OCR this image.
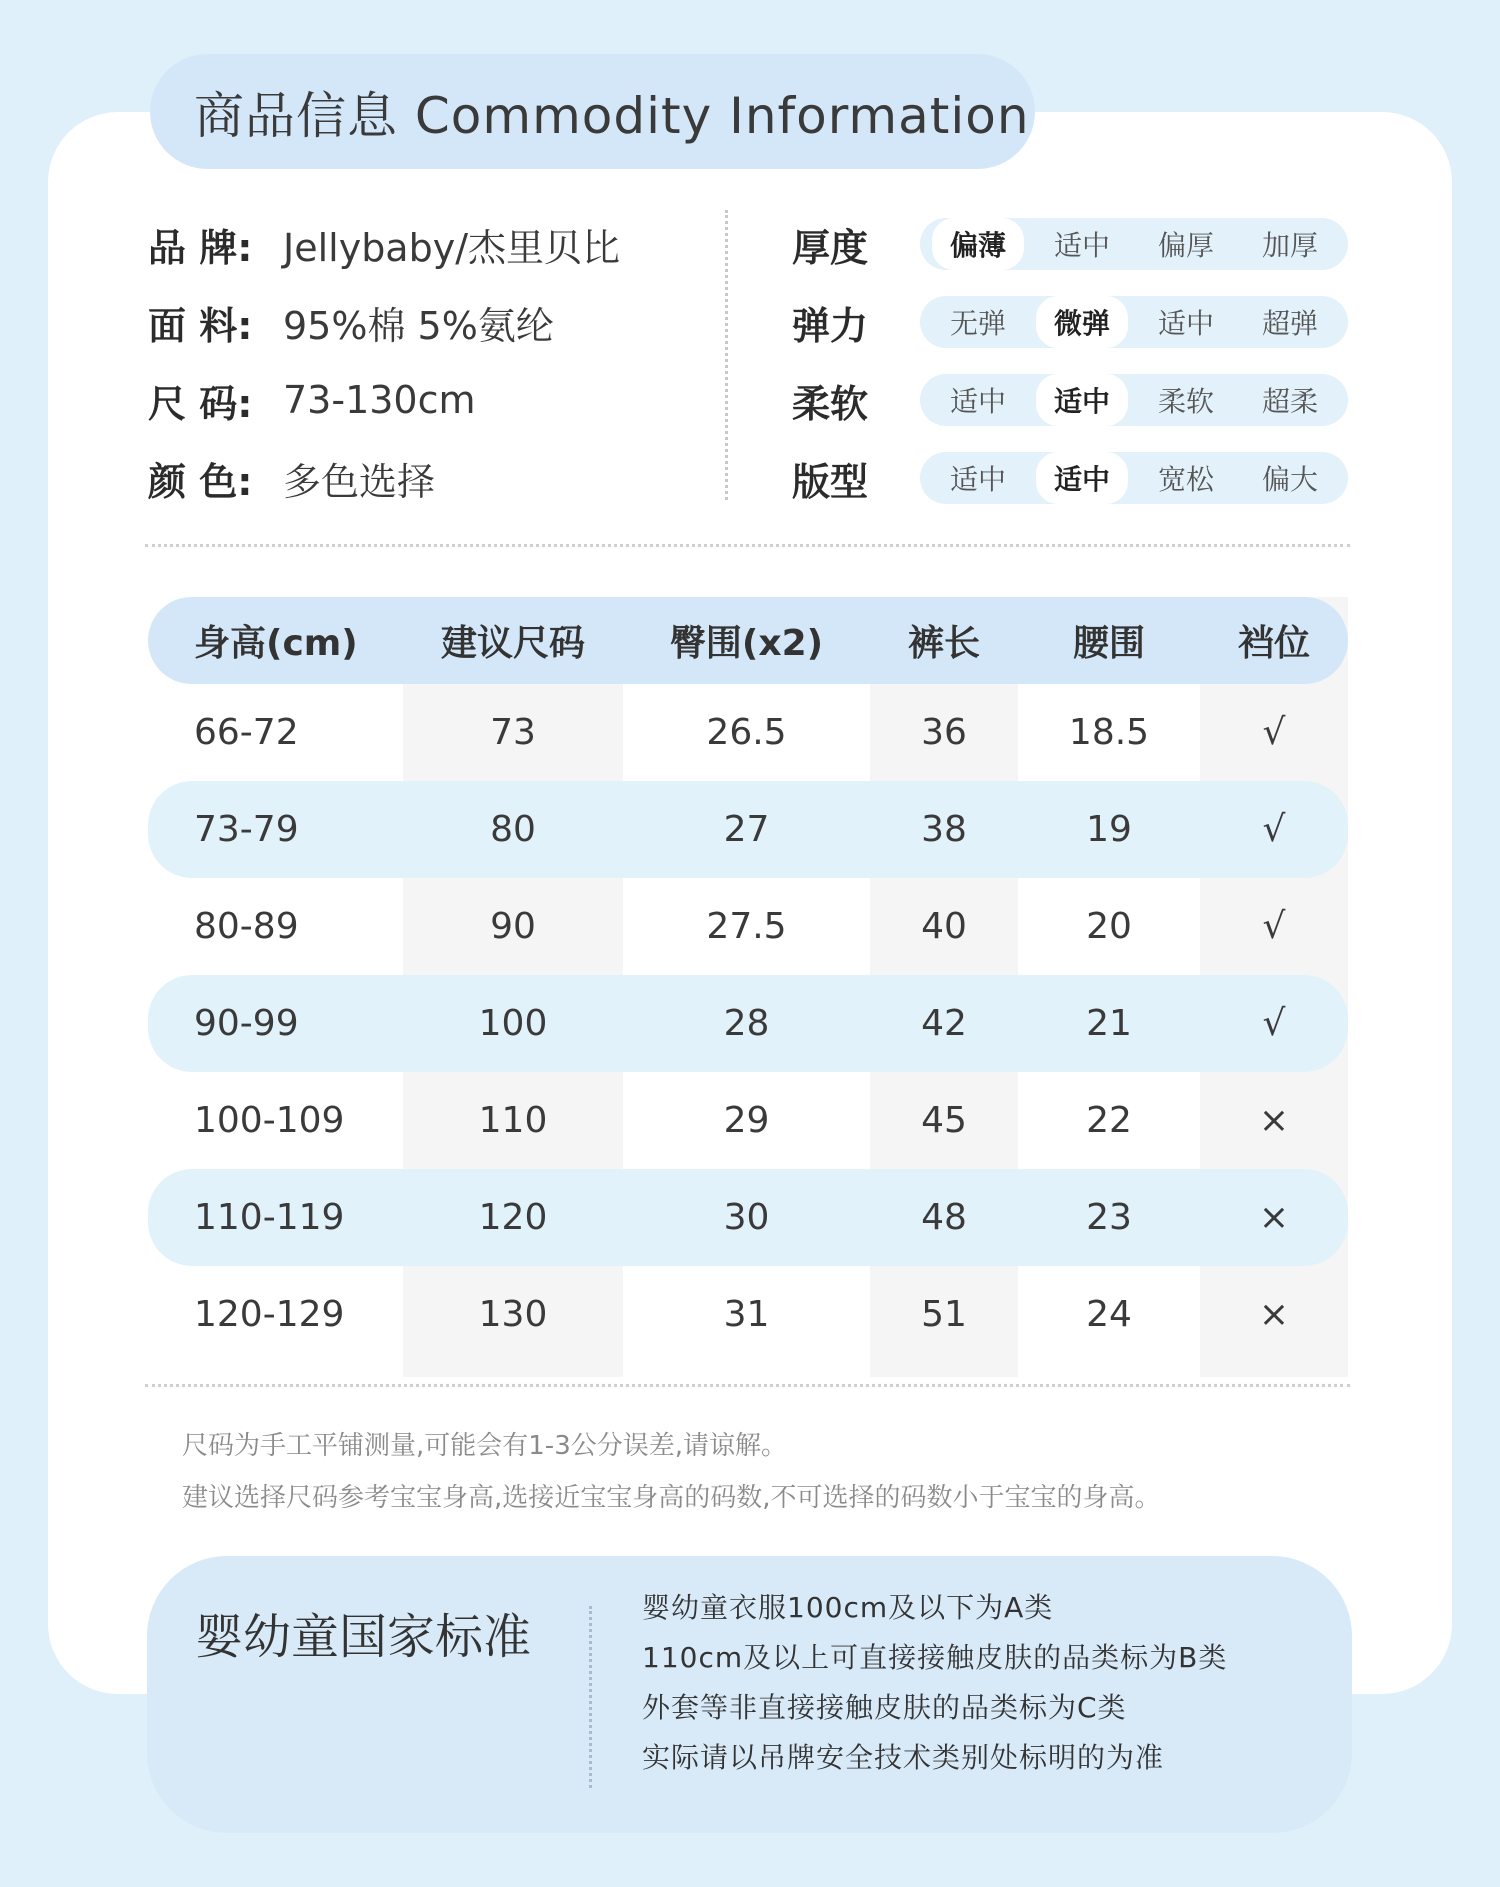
商品信息 Commodity Information
品 牌: Jellybaby/杰里贝比
面 料: 95%棉 5%氨纶
尺 码: 73-130cm
颜 色: 多色选择
厚度	偏薄	适中	偏厚	加厚
弹力	无弹	微弹	适中	超弹
柔软	适中	适中	柔软	超柔
版型	适中	适中	宽松	偏大
身高(cm)	建议尺码	臀围(x2)	裤长	腰围	裆位
66-72	73	26.5	36	18.5	√
73-79	80	27	38	19	√
80-89	90	27.5	40	20	√
90-99	100	28	42	21	√
100-109	110	29	45	22	×
110-119	120	30	48	23	×
120-129	130	31	51	24	×
尺码为手工平铺测量,可能会有1-3公分误差,请谅解。
建议选择尺码参考宝宝身高,选接近宝宝身高的码数,不可选择的码数小于宝宝的身高。
婴幼童国家标准
婴幼童衣服100cm及以下为A类
110cm及以上可直接接触皮肤的品类标为B类
外套等非直接接触皮肤的品类标为C类
实际请以吊牌安全技术类别处标明的为准
